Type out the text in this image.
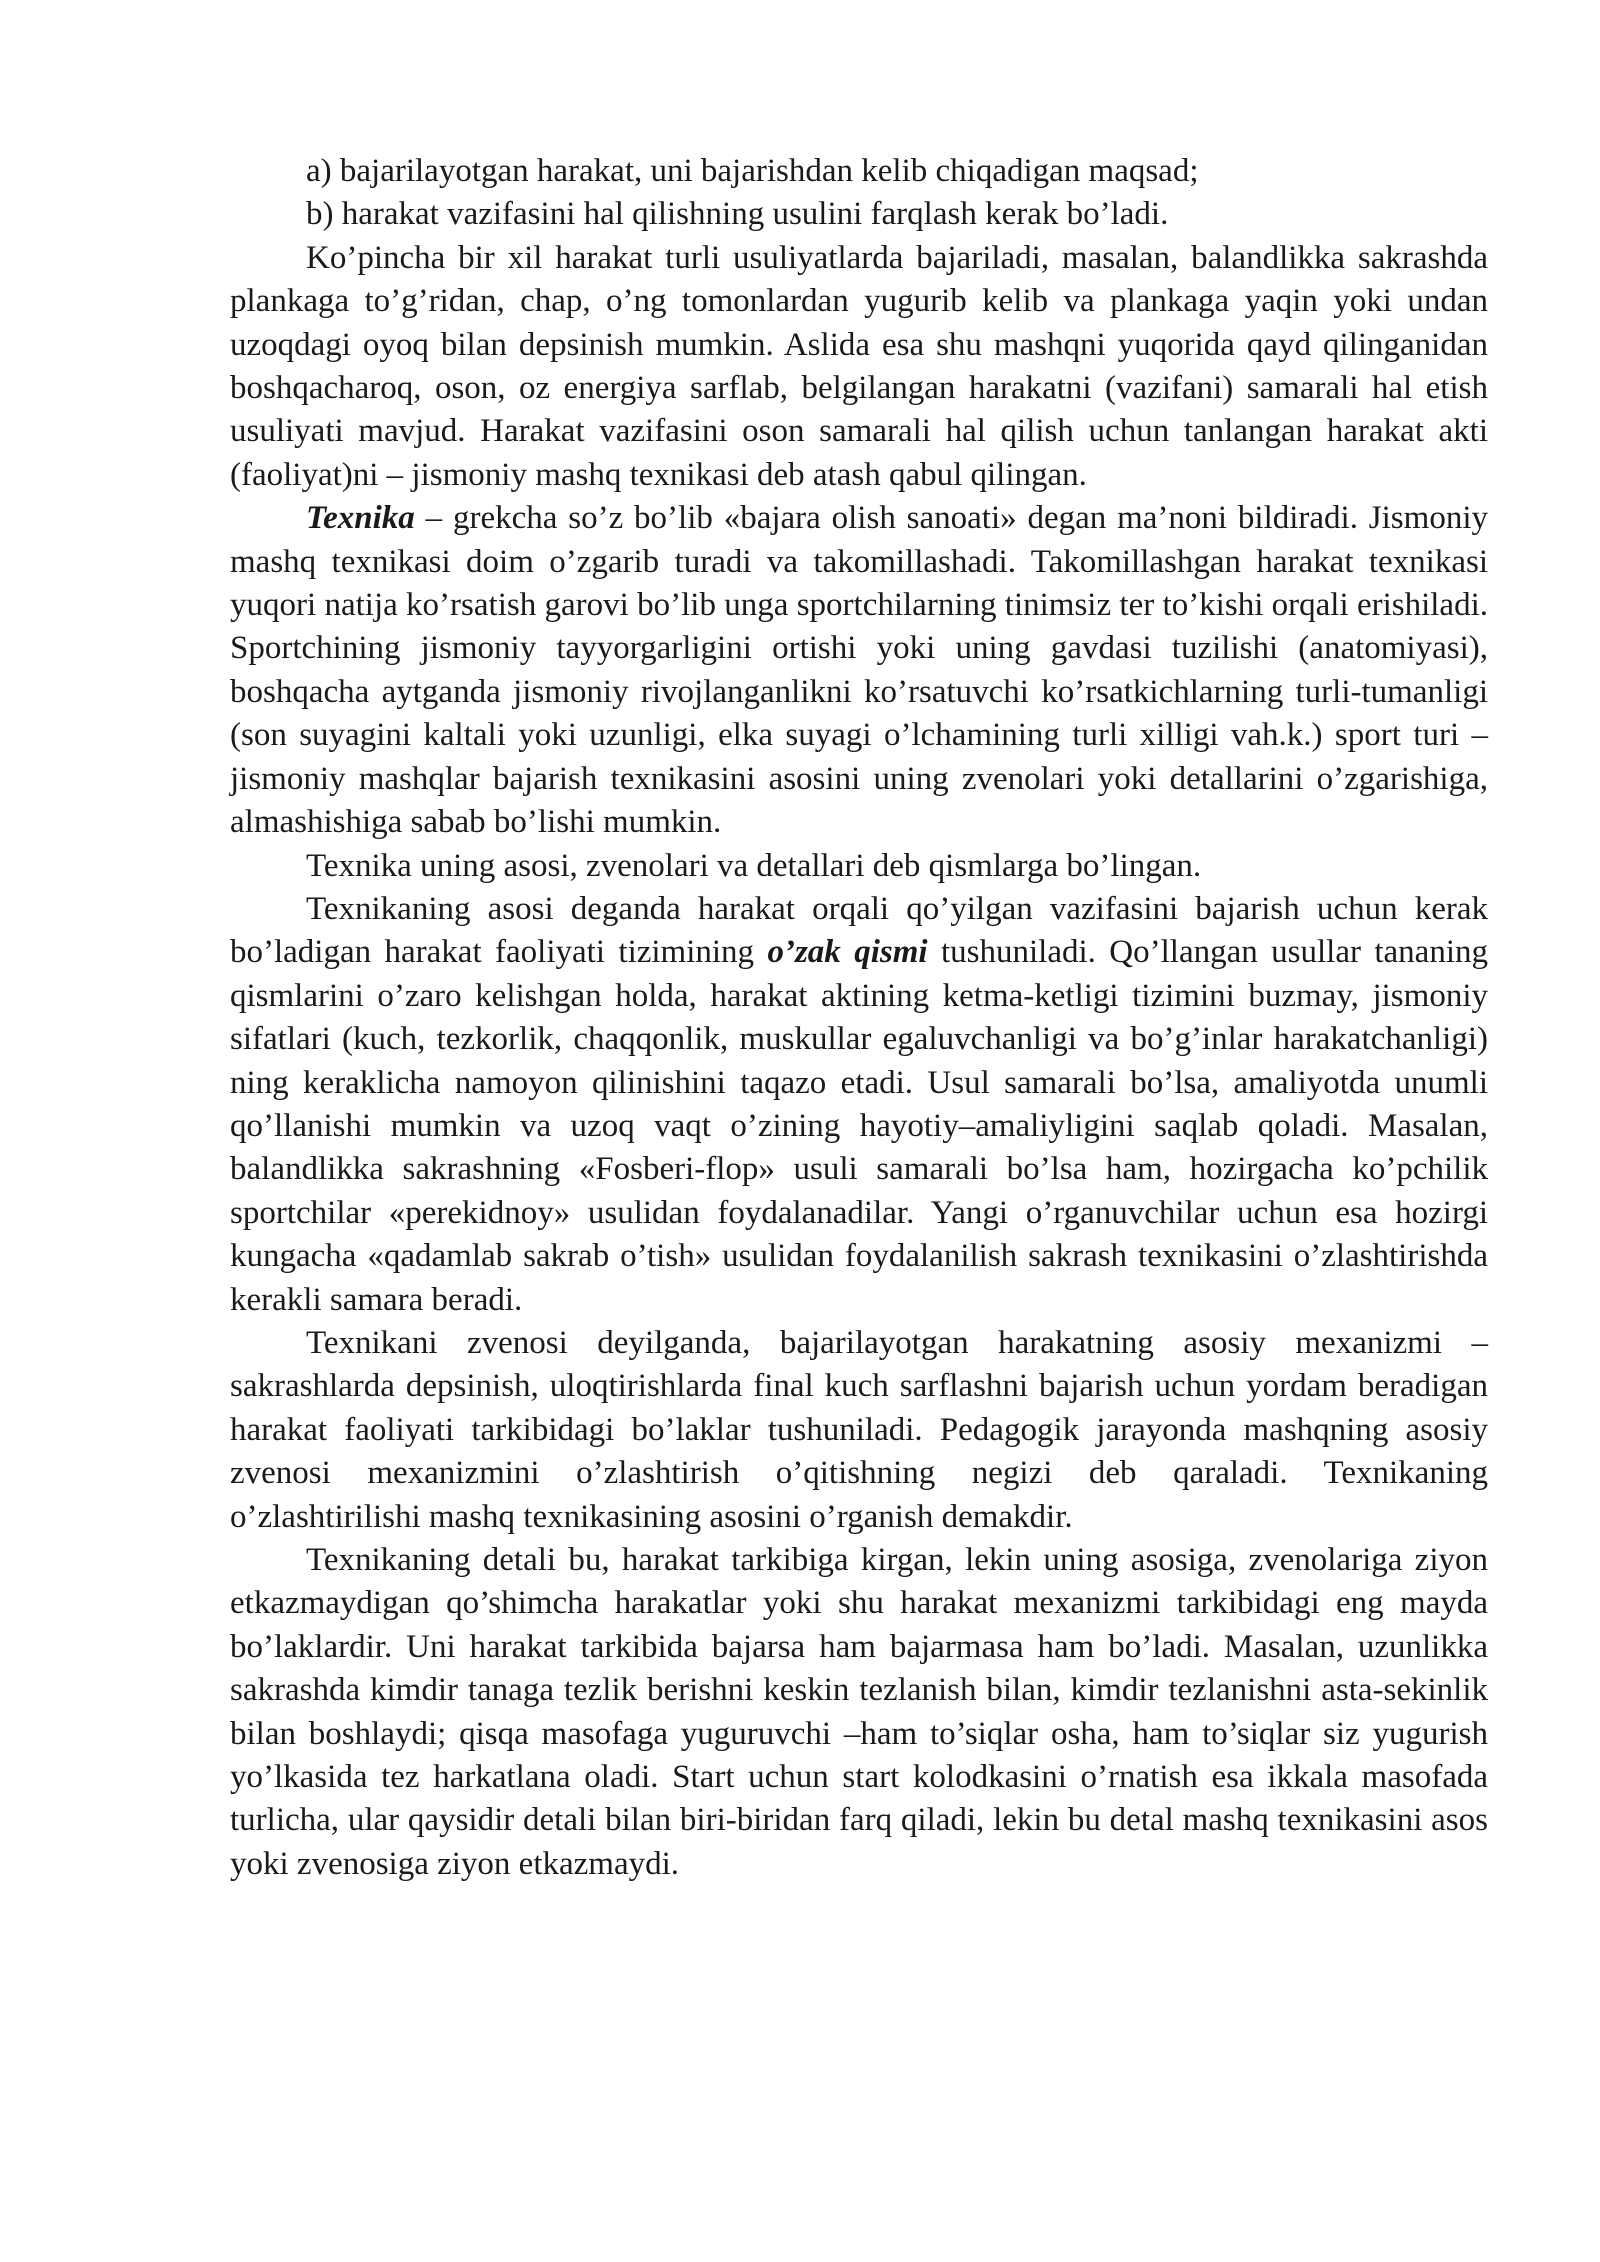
a) bajarilayotgan harakat, uni bajarishdan kelib chiqadigan maqsad;

b) harakat vazifasini hal qilishning usulini farqlash kerak bo’ladi.

Ko’pincha bir xil harakat turli usuliyatlarda bajariladi, masalan, balandlikka sakrashda plankaga to’g’ridan, chap, o’ng tomonlardan yugurib kelib va plankaga yaqin yoki undan uzoqdagi oyoq bilan depsinish mumkin. Aslida esa shu mashqni yuqorida qayd qilinganidan boshqacharoq, oson, oz energiya sarflab, belgilangan harakatni (vazifani) samarali hal etish usuliyati mavjud. Harakat vazifasini oson samarali hal qilish uchun tanlangan harakat akti (faoliyat)ni – jismoniy mashq texnikasi deb atash qabul qilingan.

Texnika – grekcha so’z bo’lib «bajara olish sanoati» degan ma’noni bildiradi. Jismoniy mashq texnikasi doim o’zgarib turadi va takomillashadi. Takomillashgan harakat texnikasi yuqori natija ko’rsatish garovi bo’lib unga sportchilarning tinimsiz ter to’kishi orqali erishiladi. Sportchining jismoniy tayyorgarligini ortishi yoki uning gavdasi tuzilishi (anatomiyasi), boshqacha aytganda jismoniy rivojlanganlikni ko’rsatuvchi ko’rsatkichlarning turli-tumanligi (son suyagini kaltali yoki uzunligi, elka suyagi o’lchamining turli xilligi vah.k.) sport turi – jismoniy mashqlar bajarish texnikasini asosini uning zvenolari yoki detallarini o’zgarishiga, almashishiga sabab bo’lishi mumkin.

Texnika uning asosi, zvenolari va detallari deb qismlarga bo’lingan.

Texnikaning asosi deganda harakat orqali qo’yilgan vazifasini bajarish uchun kerak bo’ladigan harakat faoliyati tizimining o’zak qismi tushuniladi. Qo’llangan usullar tananing qismlarini o’zaro kelishgan holda, harakat aktining ketma-ketligi tizimini buzmay, jismoniy sifatlari (kuch, tezkorlik, chaqqonlik, muskullar egaluvchanligi va bo’g’inlar harakatchanligi) ning keraklicha namoyon qilinishini taqazo etadi. Usul samarali bo’lsa, amaliyotda unumli qo’llanishi mumkin va uzoq vaqt o’zining hayotiy–amaliyligini saqlab qoladi. Masalan, balandlikka sakrashning «Fosberi-flop» usuli samarali bo’lsa ham, hozirgacha ko’pchilik sportchilar «perekidnoy» usulidan foydalanadilar. Yangi o’rganuvchilar uchun esa hozirgi kungacha «qadamlab sakrab o’tish» usulidan foydalanilish sakrash texnikasini o’zlashtirishda kerakli samara beradi.

Texnikani zvenosi deyilganda, bajarilayotgan harakatning asosiy mexanizmi – sakrashlarda depsinish, uloqtirishlarda final kuch sarflashni bajarish uchun yordam beradigan harakat faoliyati tarkibidagi bo’laklar tushuniladi. Pedagogik jarayonda mashqning asosiy zvenosi mexanizmini o’zlashtirish o’qitishning negizi deb qaraladi. Texnikaning o’zlashtirilishi mashq texnikasining asosini o’rganish demakdir.

Texnikaning detali bu, harakat tarkibiga kirgan, lekin uning asosiga, zvenolariga ziyon etkazmaydigan qo’shimcha harakatlar yoki shu harakat mexanizmi tarkibidagi eng mayda bo’laklardir. Uni harakat tarkibida bajarsa ham bajarmasa ham bo’ladi. Masalan, uzunlikka sakrashda kimdir tanaga tezlik berishni keskin tezlanish bilan, kimdir tezlanishni asta-sekinlik bilan boshlaydi; qisqa masofaga yuguruvchi –ham to’siqlar osha, ham to’siqlar siz yugurish yo’lkasida tez harkatlana oladi. Start uchun start kolodkasini o’rnatish esa ikkala masofada turlicha, ular qaysidir detali bilan biri-biridan farq qiladi, lekin bu detal mashq texnikasini asos yoki zvenosiga ziyon etkazmaydi.
